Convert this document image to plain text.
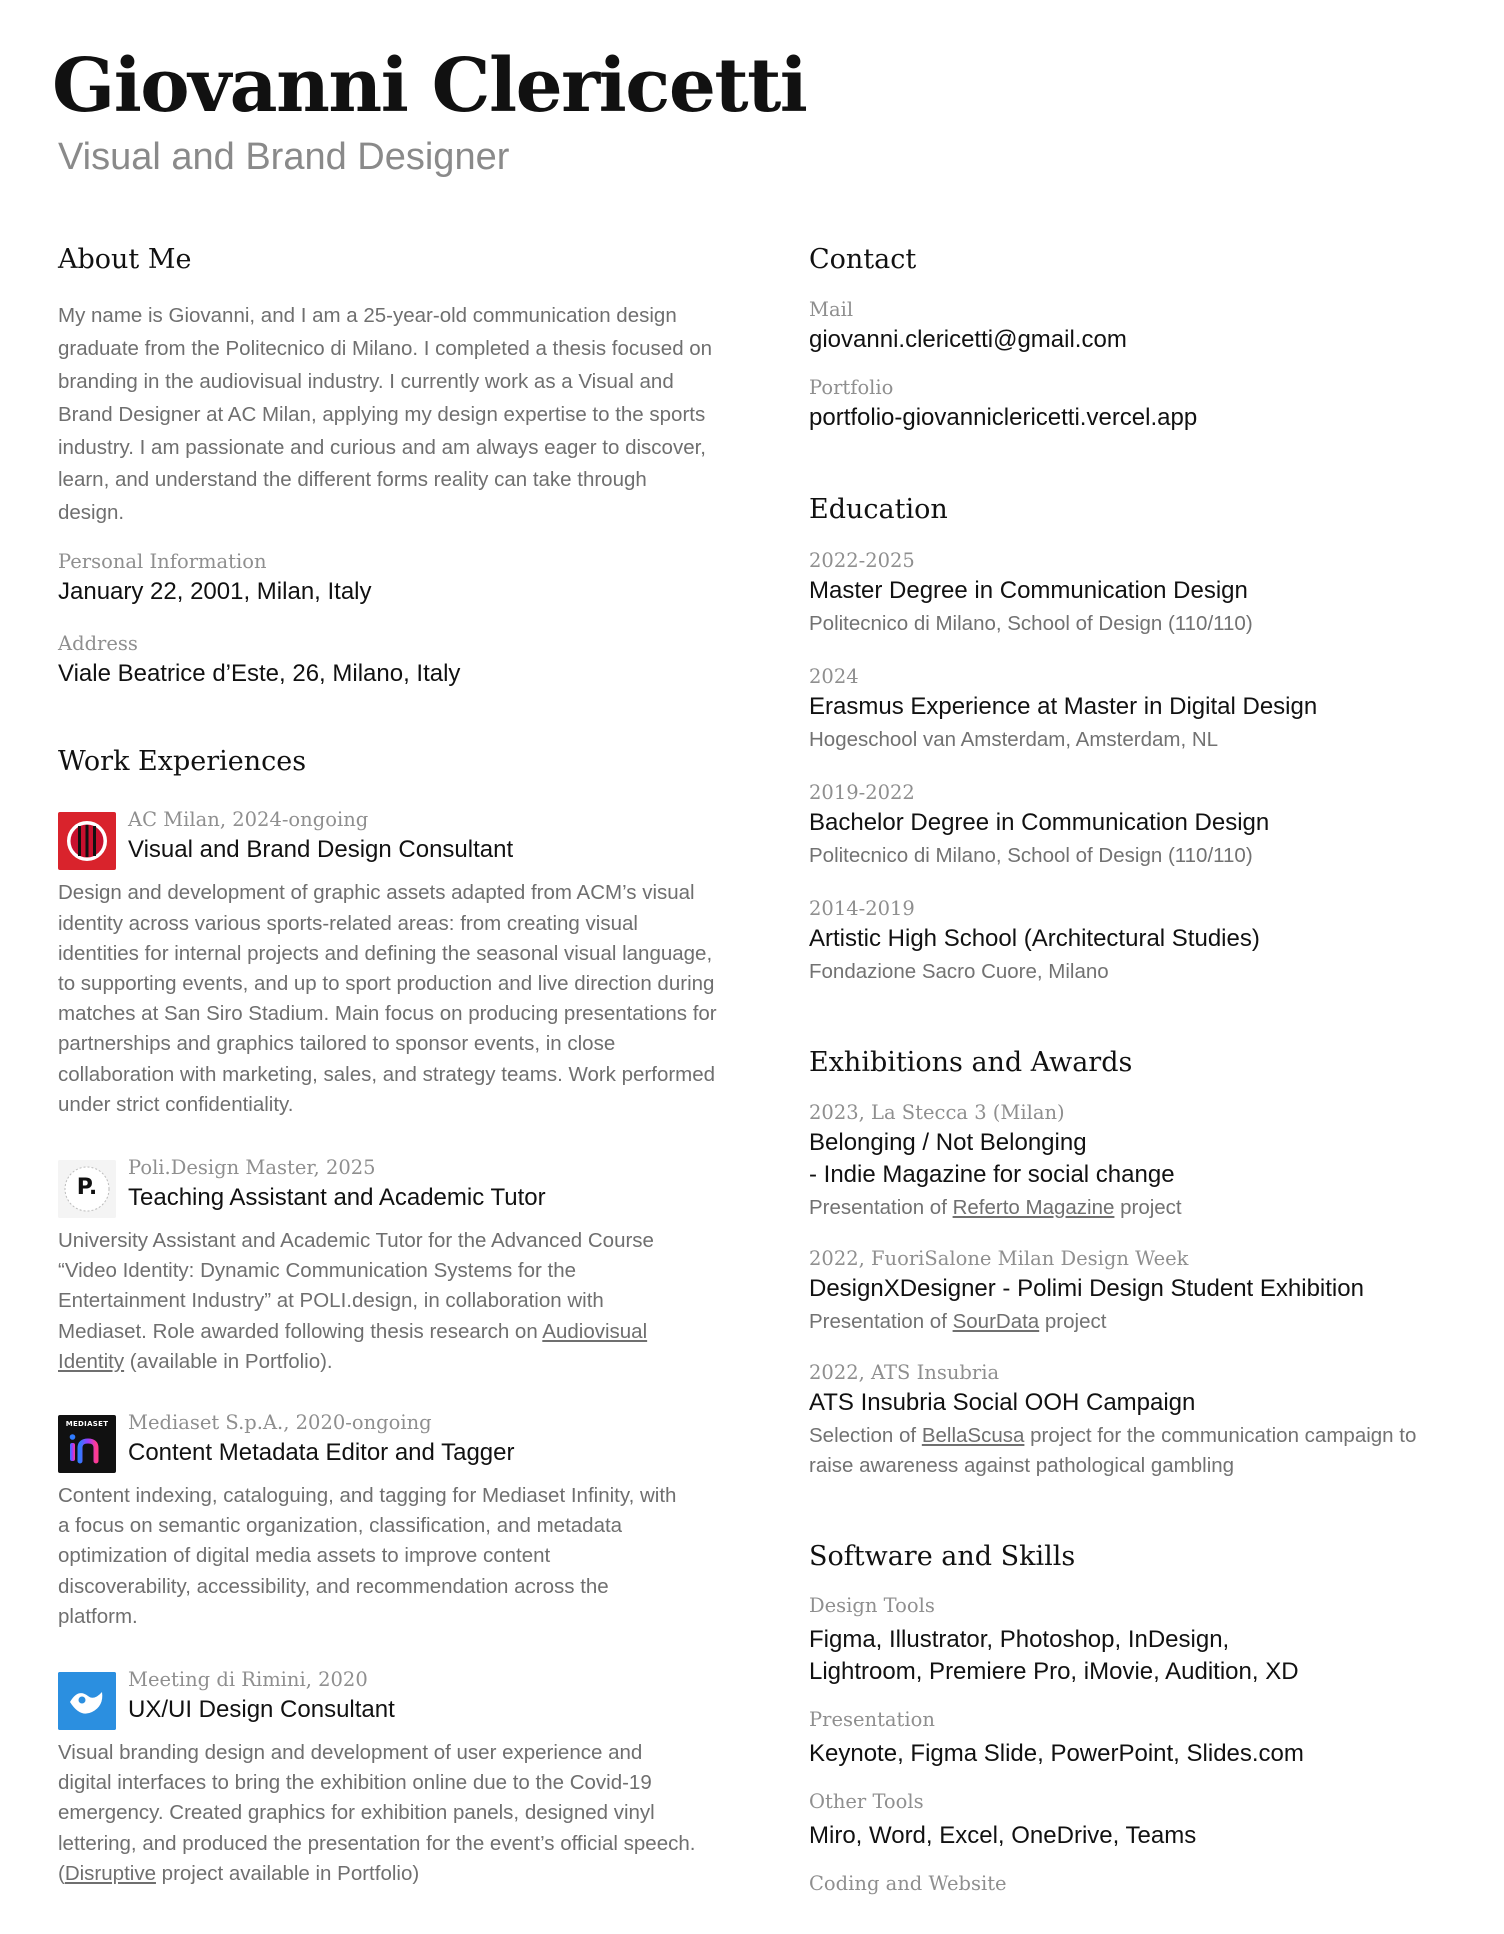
Giovanni Clericetti
Visual and Brand Designer
About Me

My name is Giovanni, and I am a 25-year-old communication design graduate from the Politecnico di Milano. I completed a thesis focused on branding in the audiovisual industry. I currently work as a Visual and Brand Designer at AC Milan, applying my design expertise to the sports industry. I am passionate and curious and am always eager to discover, learn, and understand the different forms reality can take through design.

Personal Information
January 22, 2001, Milan, Italy
Address
Viale Beatrice d’Este, 26, Milano, Italy
Work Experiences
AC Milan, 2024-ongoing
Visual and Brand Design Consultant

Design and development of graphic assets adapted from ACM’s visual identity across various sports-related areas: from creating visual identities for internal projects and defining the seasonal visual language, to supporting events, and up to sport production and live direction during matches at San Siro Stadium. Main focus on producing presentations for partnerships and graphics tailored to sponsor events, in close collaboration with marketing, sales, and strategy teams. Work performed under strict confidentiality.

P.
Poli.Design Master, 2025
Teaching Assistant and Academic Tutor

University Assistant and Academic Tutor for the Advanced Course “Video Identity: Dynamic Communication Systems for the Entertainment Industry” at POLI.design, in collaboration with Mediaset. Role awarded following thesis research on Audiovisual Identity (available in Portfolio).

MEDIASET	Mediaset S.p.A., 2020-ongoing
Content Metadata Editor and Tagger

Content indexing, cataloguing, and tagging for Mediaset Infinity, with a focus on semantic organization, classification, and metadata optimization of digital media assets to improve content discoverability, accessibility, and recommendation across the platform.

Meeting di Rimini, 2020
UX/UI Design Consultant

Visual branding design and development of user experience and digital interfaces to bring the exhibition online due to the Covid-19 emergency. Created graphics for exhibition panels, designed vinyl lettering, and produced the presentation for the event’s official speech. (Disruptive project available in Portfolio)

Contact
Mail
giovanni.clericetti@gmail.com
Portfolio
portfolio-giovanniclericetti.vercel.app
Education
2022-2025
Master Degree in Communication Design
Politecnico di Milano, School of Design (110/110)
2024
Erasmus Experience at Master in Digital Design
Hogeschool van Amsterdam, Amsterdam, NL
2019-2022
Bachelor Degree in Communication Design
Politecnico di Milano, School of Design (110/110)
2014-2019
Artistic High School (Architectural Studies)
Fondazione Sacro Cuore, Milano
Exhibitions and Awards
2023, La Stecca 3 (Milan)
Belonging / Not Belonging
- Indie Magazine for social change
Presentation of Referto Magazine project
2022, FuoriSalone Milan Design Week
DesignXDesigner - Polimi Design Student Exhibition
Presentation of SourData project
2022, ATS Insubria
ATS Insubria Social OOH Campaign
Selection of BellaScusa project for the communication campaign to raise awareness against pathological gambling
Software and Skills
Design Tools
Figma, Illustrator, Photoshop, InDesign,
Lightroom, Premiere Pro, iMovie, Audition, XD
Presentation
Keynote, Figma Slide, PowerPoint, Slides.com
Other Tools
Miro, Word, Excel, OneDrive, Teams
Coding and Website
